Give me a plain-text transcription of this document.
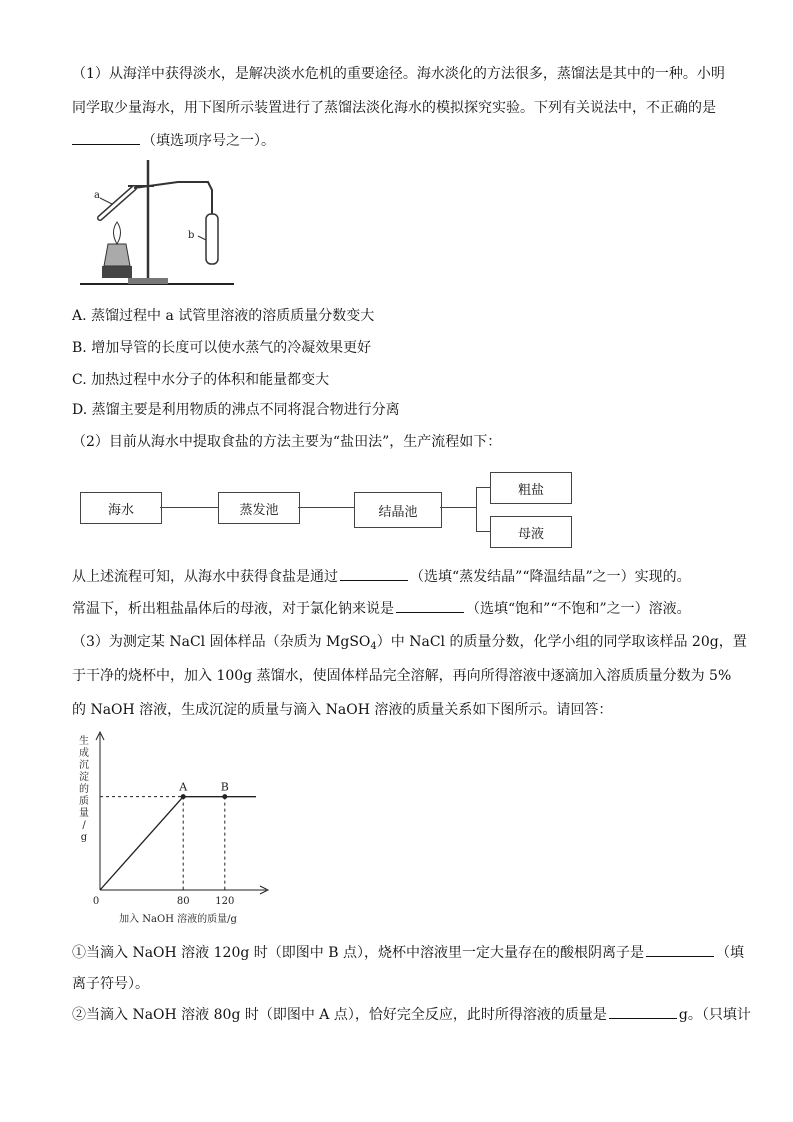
（1）从海洋中获得淡水，是解决淡水危机的重要途径。海水淡化的方法很多，蒸馏法是其中的一种。小明
同学取少量海水，用下图所示装置进行了蒸馏法淡化海水的模拟探究实验。下列有关说法中，不正确的是
（填选项序号之一）。
a
b
A. 蒸馏过程中 a 试管里溶液的溶质质量分数变大
B. 增加导管的长度可以使水蒸气的冷凝效果更好
C. 加热过程中水分子的体积和能量都变大
D. 蒸馏主要是利用物质的沸点不同将混合物进行分离
（2）目前从海水中提取食盐的方法主要为“盐田法”，生产流程如下：
海水	蒸发池	结晶池
粗盐
母液
从上述流程可知，从海水中获得食盐是通过	（选填“蒸发结晶”“降温结晶”之一）实现的。
常温下，析出粗盐晶体后的母液，对于氯化钠来说是	（选填“饱和”“不饱和”之一）溶液。
（3）为测定某 NaCl 固体样品（杂质为 MgSO$_4$）中 NaCl 的质量分数，化学小组的同学取该样品 20g，置
于干净的烧杯中，加入 100g 蒸馏水，使固体样品完全溶解，再向所得溶液中逐滴加入溶质质量分数为 5%
的 NaOH 溶液，生成沉淀的质量与滴入 NaOH 溶液的质量关系如下图所示。请回答：
生
成
沉
淀
的
质
量
/
g
A	B
0	80	120
加入 NaOH 溶液的质量/g
①当滴入 NaOH 溶液 120g 时（即图中 B 点），烧杯中溶液里一定大量存在的酸根阴离子是	（填
离子符号）。
②当滴入 NaOH 溶液 80g 时（即图中 A 点），恰好完全反应，此时所得溶液的质量是	g。（只填计
